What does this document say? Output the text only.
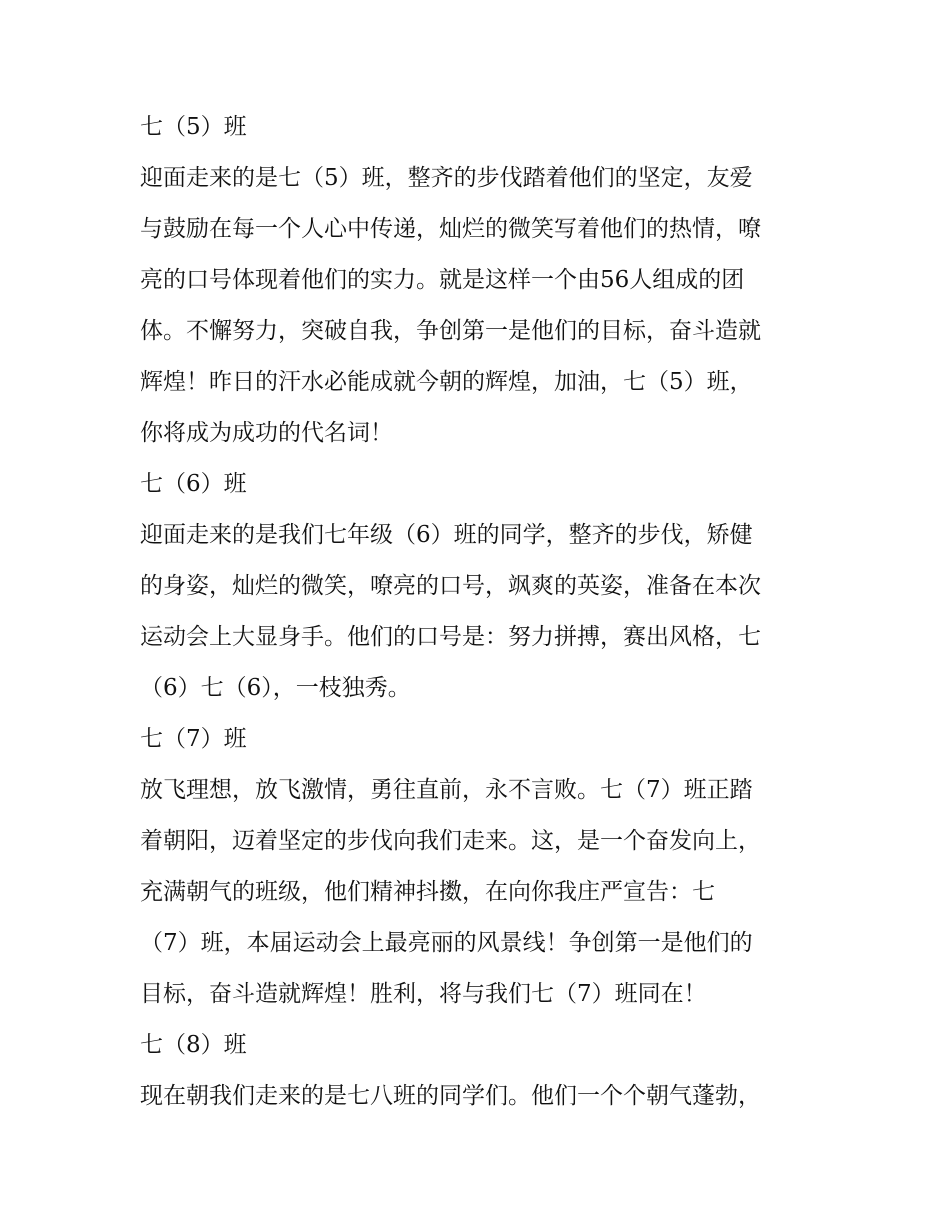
七（5）班
迎面走来的是七（5）班，整齐的步伐踏着他们的坚定，友爱
与鼓励在每一个人心中传递，灿烂的微笑写着他们的热情，嘹
亮的口号体现着他们的实力。就是这样一个由56人组成的团
体。不懈努力，突破自我，争创第一是他们的目标，奋斗造就
辉煌！昨日的汗水必能成就今朝的辉煌，加油，七（5）班，
你将成为成功的代名词！
七（6）班
迎面走来的是我们七年级（6）班的同学，整齐的步伐，矫健
的身姿，灿烂的微笑，嘹亮的口号，飒爽的英姿，准备在本次
运动会上大显身手。他们的口号是：努力拼搏，赛出风格，七
（6）七（6），一枝独秀。
七（7）班
放飞理想，放飞激情，勇往直前，永不言败。七（7）班正踏
着朝阳，迈着坚定的步伐向我们走来。这，是一个奋发向上，
充满朝气的班级，他们精神抖擞，在向你我庄严宣告：七
（7）班，本届运动会上最亮丽的风景线！争创第一是他们的
目标，奋斗造就辉煌！胜利，将与我们七（7）班同在！
七（8）班
现在朝我们走来的是七八班的同学们。他们一个个朝气蓬勃，
